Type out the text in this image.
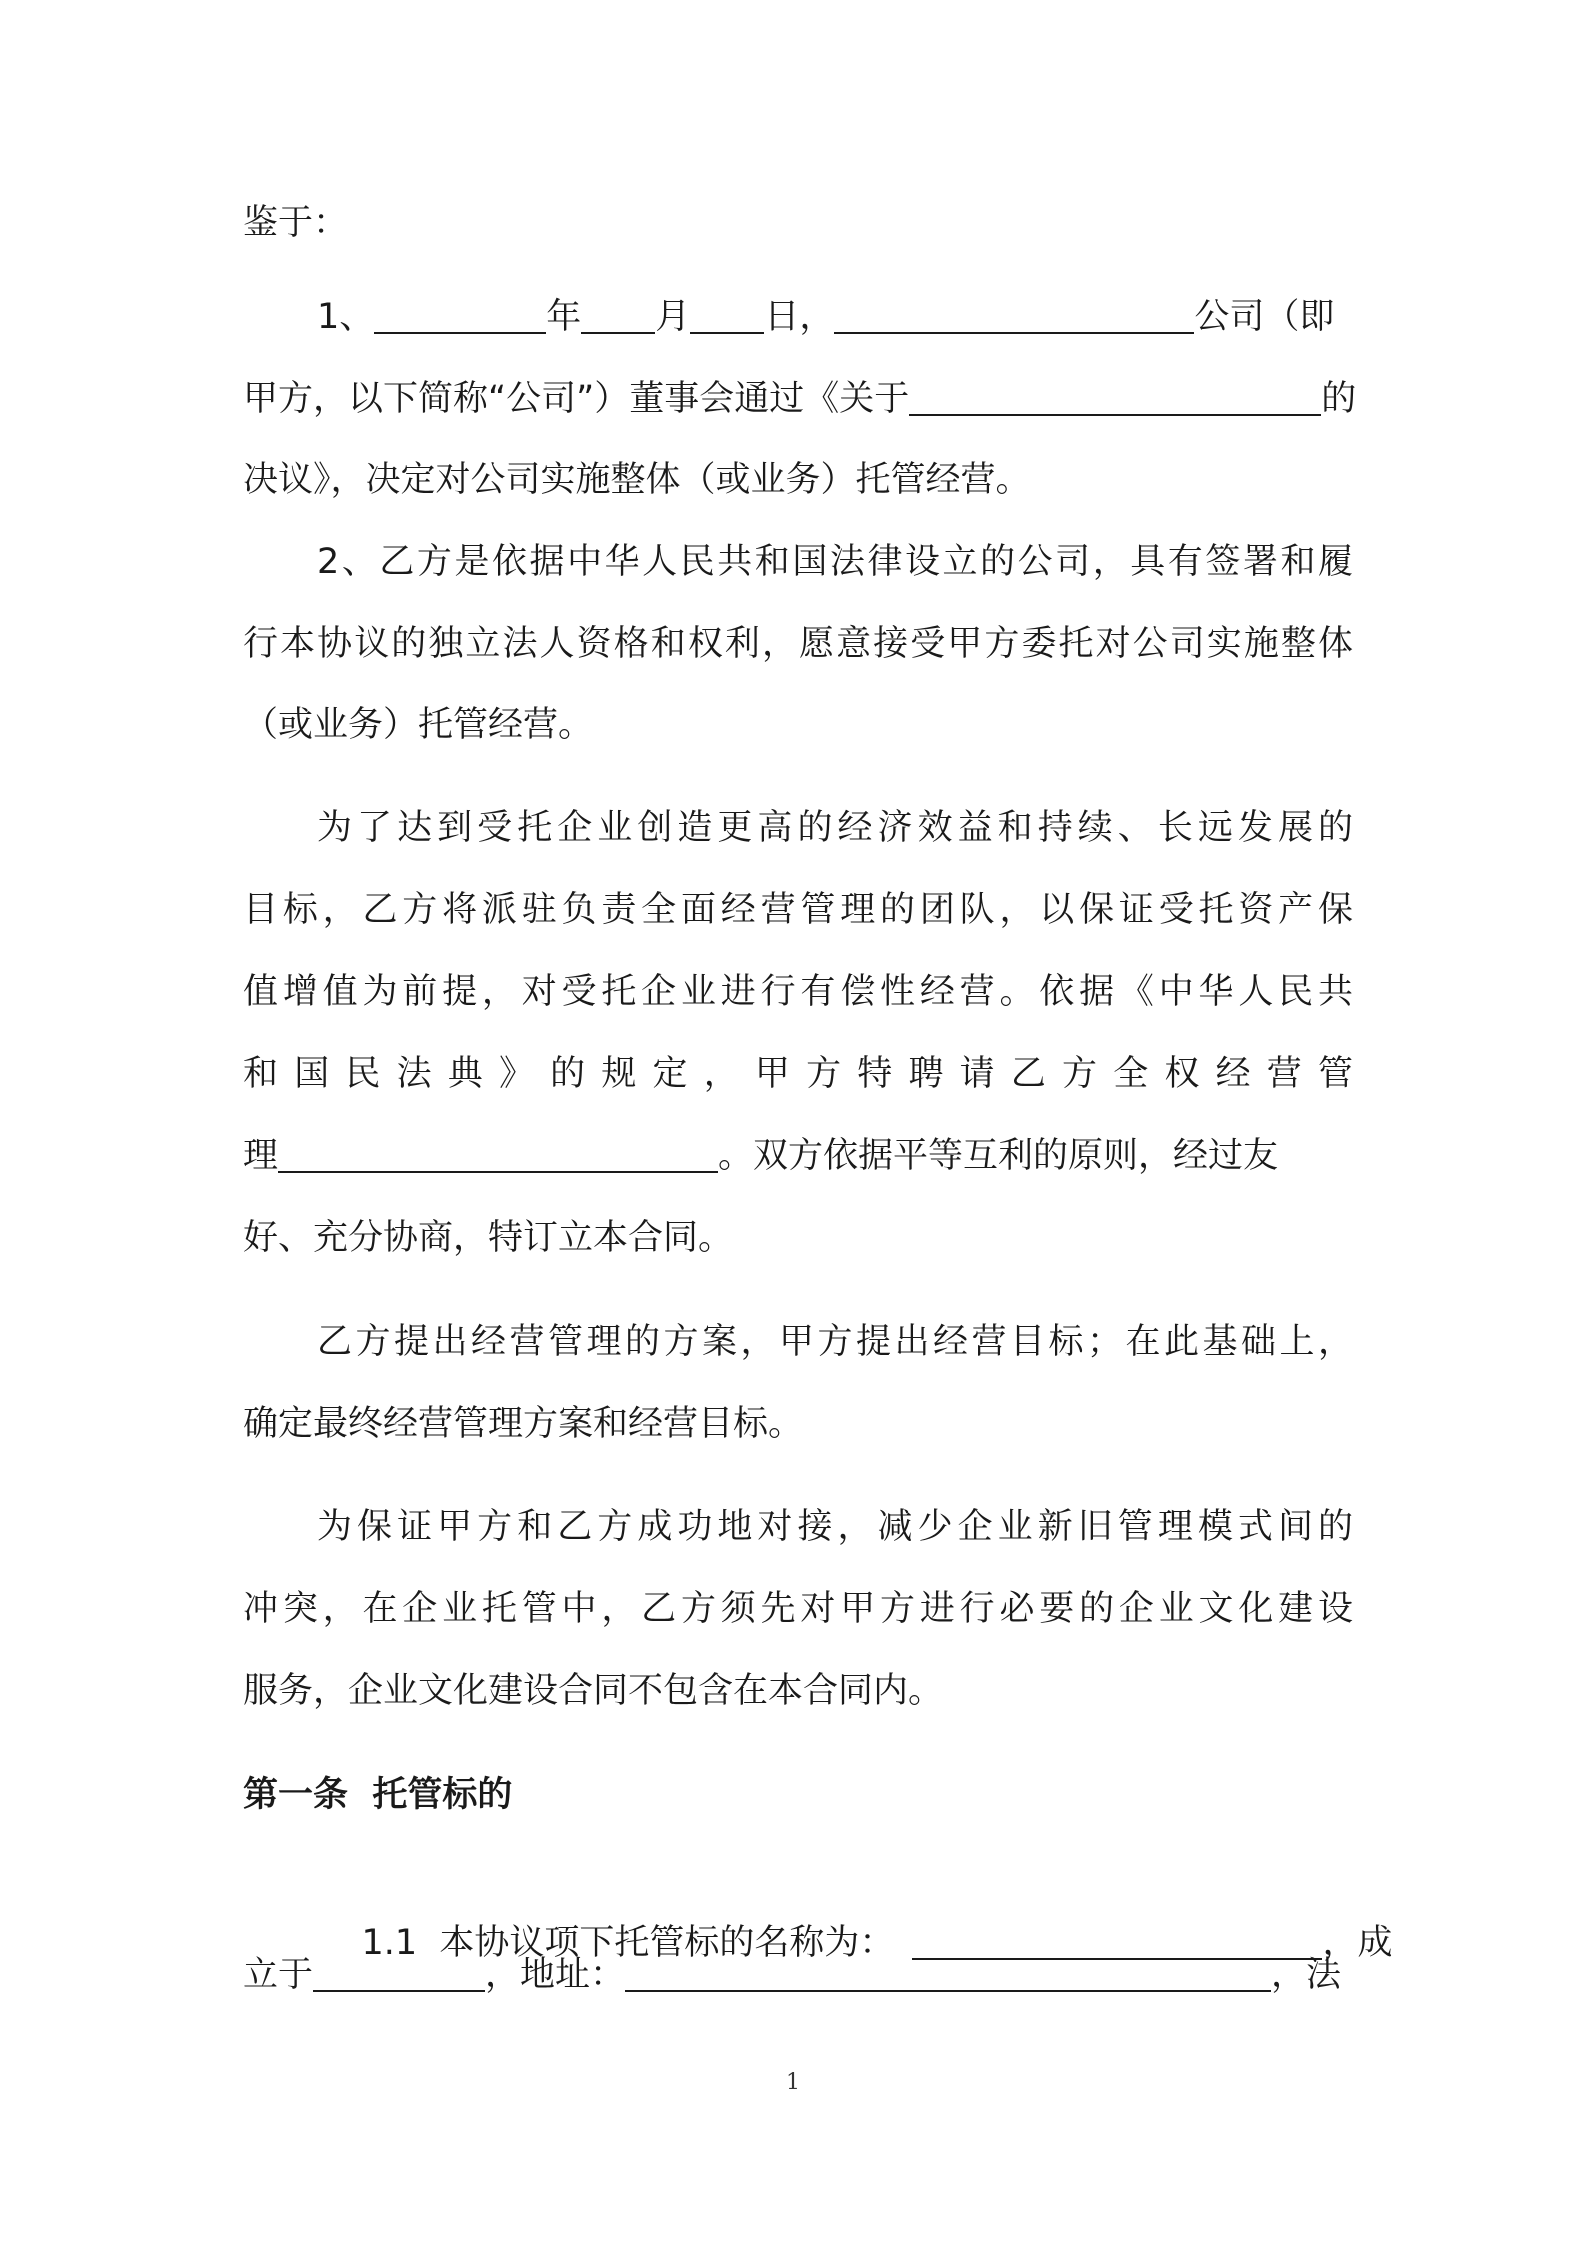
鉴于：
1、	年 月 日，	公司（即
甲方，以下简称“公司”）董事会通过《关于	的
决议》，决定对公司实施整体（或业务）托管经营。
2、乙方是依据中华人民共和国法律设立的公司，具有签署和履
行本协议的独立法人资格和权利，愿意接受甲方委托对公司实施整体
（或业务）托管经营。
为了达到受托企业创造更高的经济效益和持续、长远发展的
目标，乙方将派驻负责全面经营管理的团队，以保证受托资产保
值增值为前提，对受托企业进行有偿性经营。依据《中华人民共
和 国 民 法 典 》 的 规 定 ， 甲 方 特 聘 请 乙 方 全 权 经 营 管
理	。双方依据平等互利的原则，经过友
好、充分协商，特订立本合同。
乙方提出经营管理的方案，甲方提出经营目标；在此基础上，
确定最终经营管理方案和经营目标。
为保证甲方和乙方成功地对接，减少企业新旧管理模式间的
冲突，在企业托管中，乙方须先对甲方进行必要的企业文化建设
服务，企业文化建设合同不包含在本合同内。
第一条  托管标的

1.1  本协议项下托管标的名称为：	，成

立于	，地址：	，法
1
